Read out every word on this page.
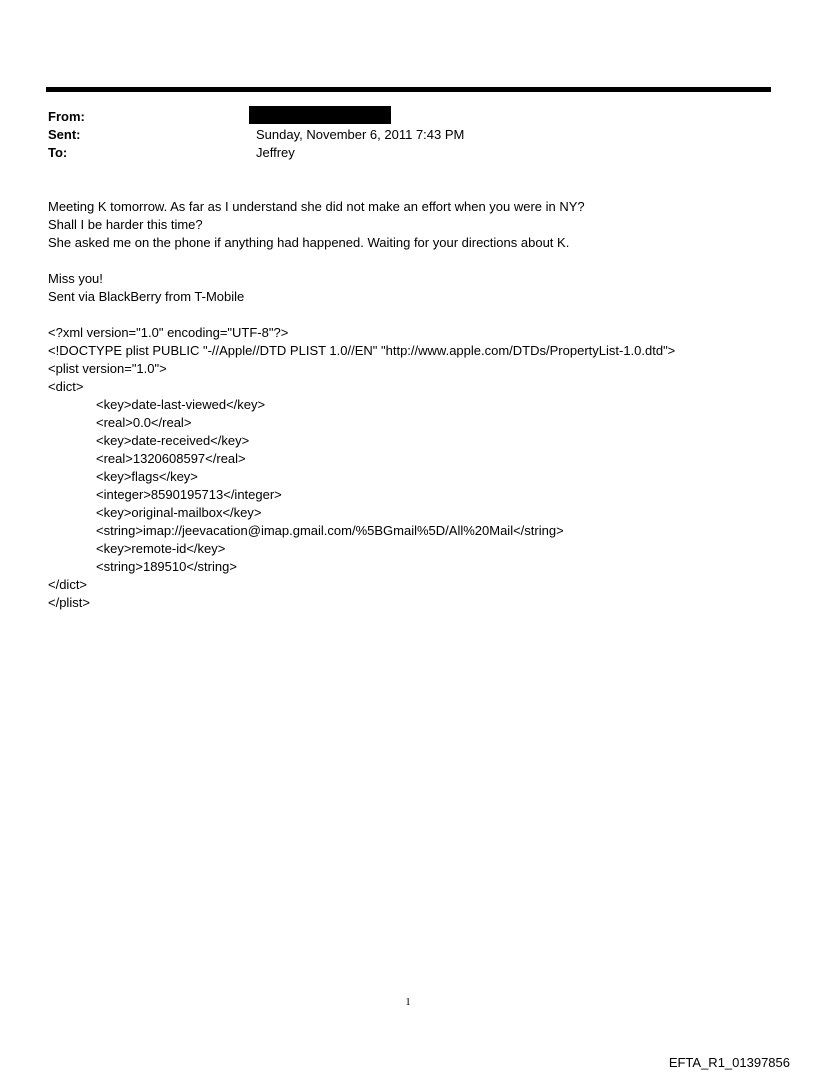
From:
Sent:	Sunday, November 6, 2011 7:43 PM
To:	Jeffrey
Meeting K tomorrow. As far as I understand she did not make an effort when you were in NY?
Shall I be harder this time?
She asked me on the phone if anything had happened. Waiting for your directions about K.
Miss you!
Sent via BlackBerry from T-Mobile
<?xml version="1.0" encoding="UTF-8"?>
<!DOCTYPE plist PUBLIC "-//Apple//DTD PLIST 1.0//EN" "http://www.apple.com/DTDs/PropertyList-1.0.dtd">
<plist version="1.0">
<dict>
<key>date-last-viewed</key>
<real>0.0</real>
<key>date-received</key>
<real>1320608597</real>
<key>flags</key>
<integer>8590195713</integer>
<key>original-mailbox</key>
<string>imap://jeevacation@imap.gmail.com/%5BGmail%5D/All%20Mail</string>
<key>remote-id</key>
<string>189510</string>
</dict>
</plist>
1
EFTA_R1_01397856
